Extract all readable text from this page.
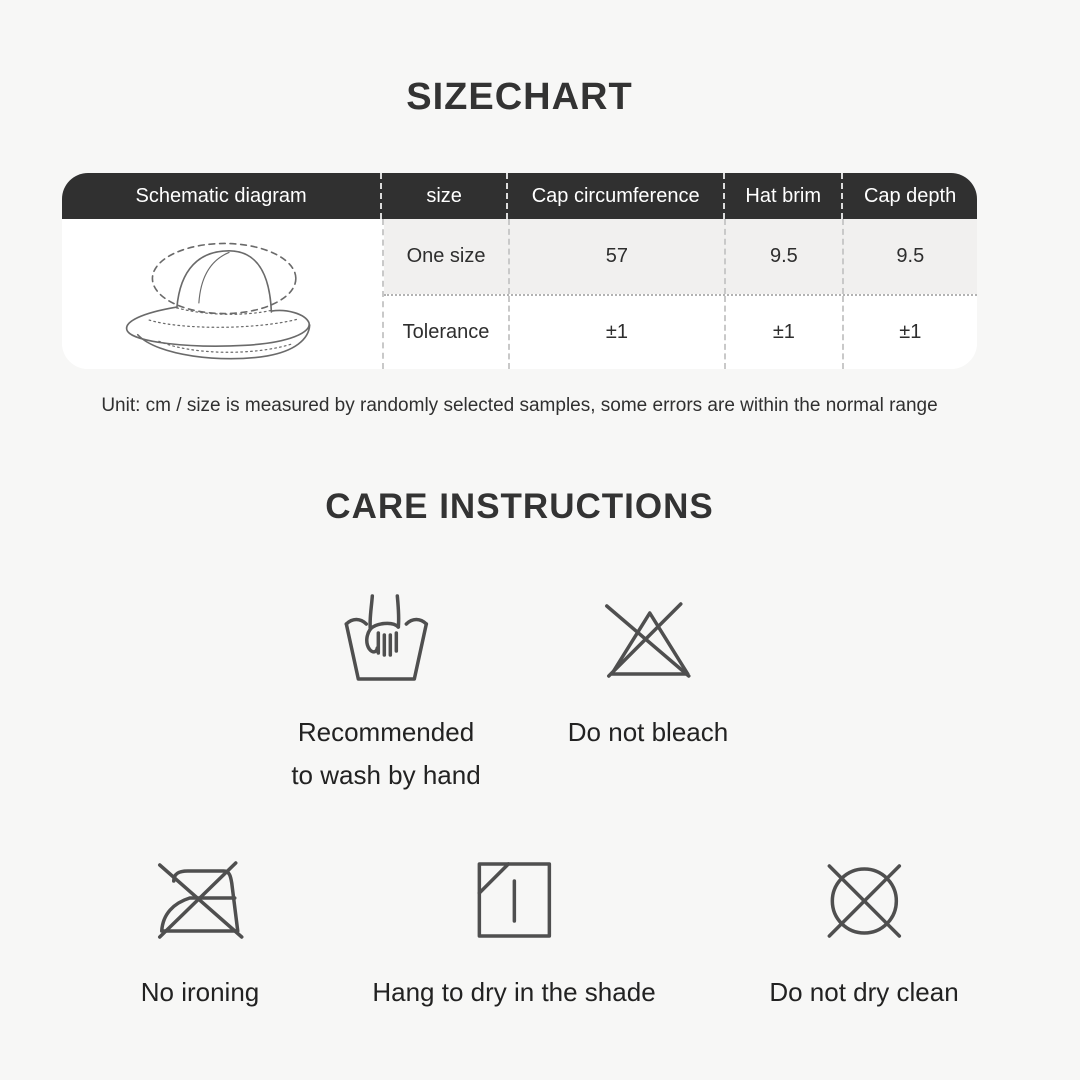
SIZECHART
Schematic diagram	size	Cap circumference	Hat brim	Cap depth
One size	57	9.5	9.5
Tolerance	±1	±1	±1
Unit: cm / size is measured by randomly selected samples, some errors are within the normal range
CARE INSTRUCTIONS
Recommended
to wash by hand
Do not bleach
No ironing	Hang to dry in the shade	Do not dry clean
